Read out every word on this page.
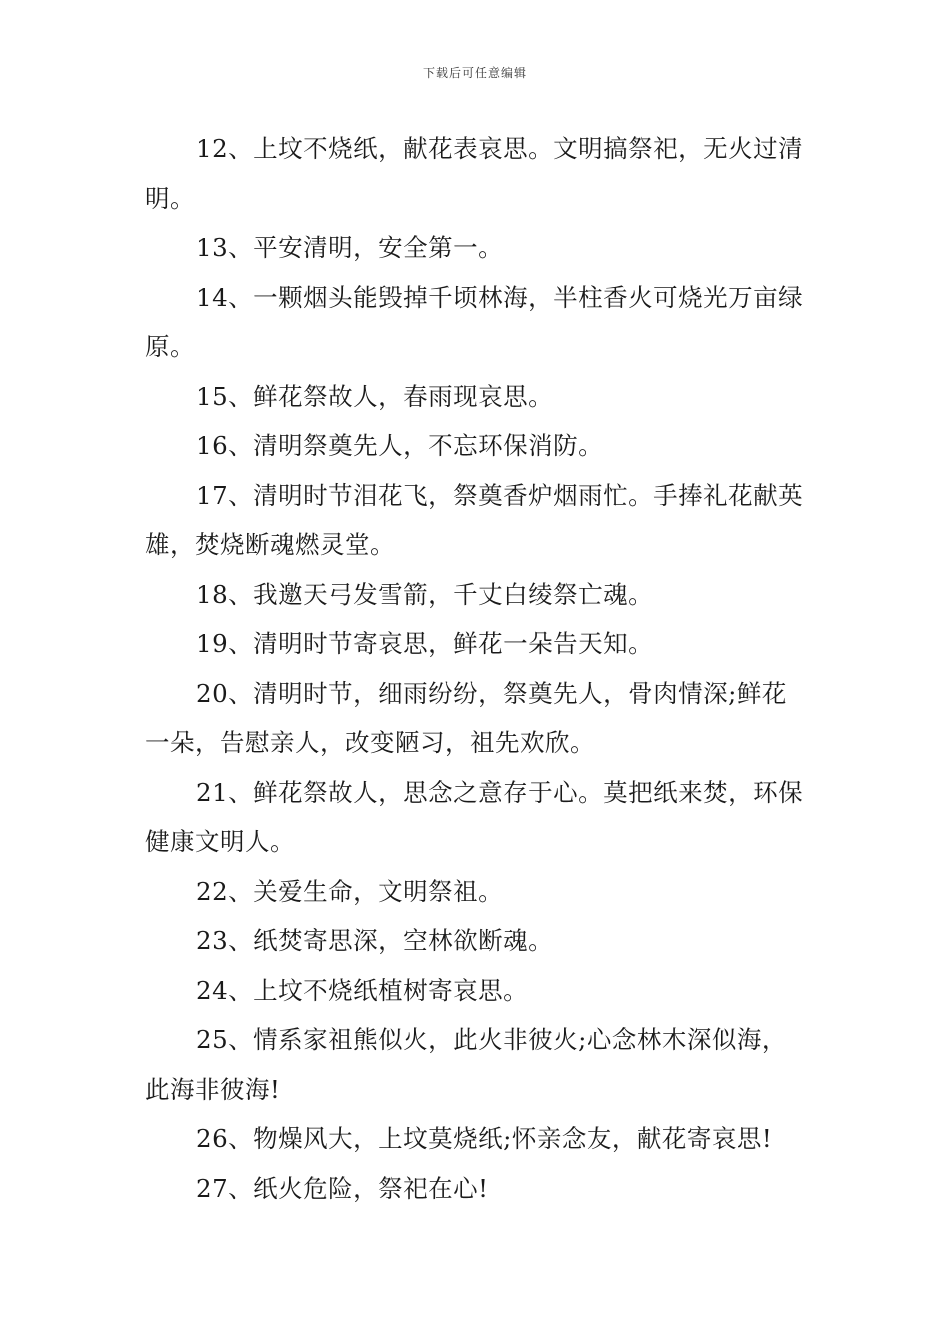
下载后可任意编辑

12、上坟不烧纸，献花表哀思。文明搞祭祀，无火过清明。

13、平安清明，安全第一。

14、一颗烟头能毁掉千顷林海，半柱香火可烧光万亩绿原。

15、鲜花祭故人，春雨现哀思。

16、清明祭奠先人，不忘环保消防。

17、清明时节泪花飞，祭奠香炉烟雨忙。手捧礼花献英雄，焚烧断魂燃灵堂。

18、我邀天弓发雪箭，千丈白绫祭亡魂。

19、清明时节寄哀思，鲜花一朵告天知。

20、清明时节，细雨纷纷，祭奠先人，骨肉情深;鲜花一朵，告慰亲人，改变陋习，祖先欢欣。

21、鲜花祭故人，思念之意存于心。莫把纸来焚，环保健康文明人。

22、关爱生命，文明祭祖。

23、纸焚寄思深，空林欲断魂。

24、上坟不烧纸植树寄哀思。

25、情系家祖熊似火，此火非彼火;心念林木深似海，此海非彼海!

26、物燥风大，上坟莫烧纸;怀亲念友，献花寄哀思!

27、纸火危险，祭祀在心!
